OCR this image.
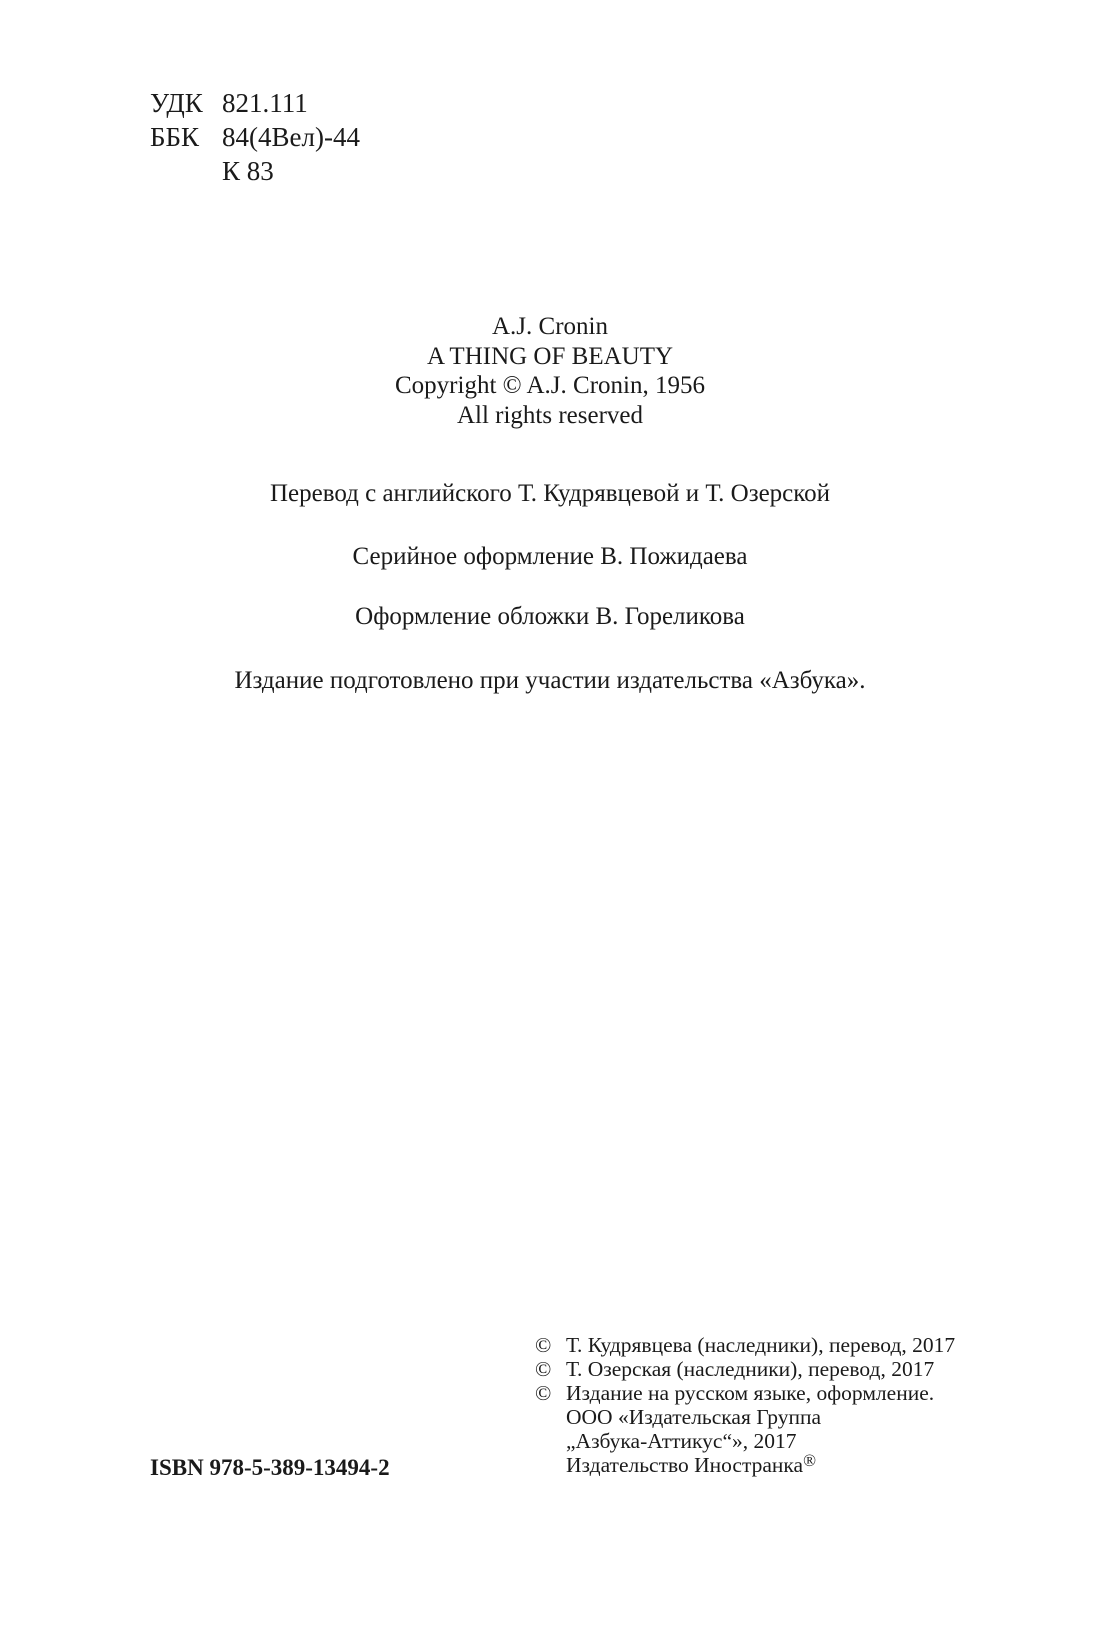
УДК 821.111
ББК 84(4Вел)-44
К 83
A.J. Cronin
A THING OF BEAUTY
Copyright © A.J. Cronin, 1956
All rights reserved
Перевод с английского Т. Кудрявцевой и Т. Озерской
Серийное оформление В. Пожидаева
Оформление обложки В. Гореликова
Издание подготовлено при участии издательства «Азбука».
© Т. Кудрявцева (наследники), перевод, 2017
© Т. Озерская (наследники), перевод, 2017
© Издание на русском языке, оформление.
ООО «Издательская Группа
„Азбука-Аттикус“», 2017
Издательство Иностранка®
ISBN 978-5-389-13494-2
